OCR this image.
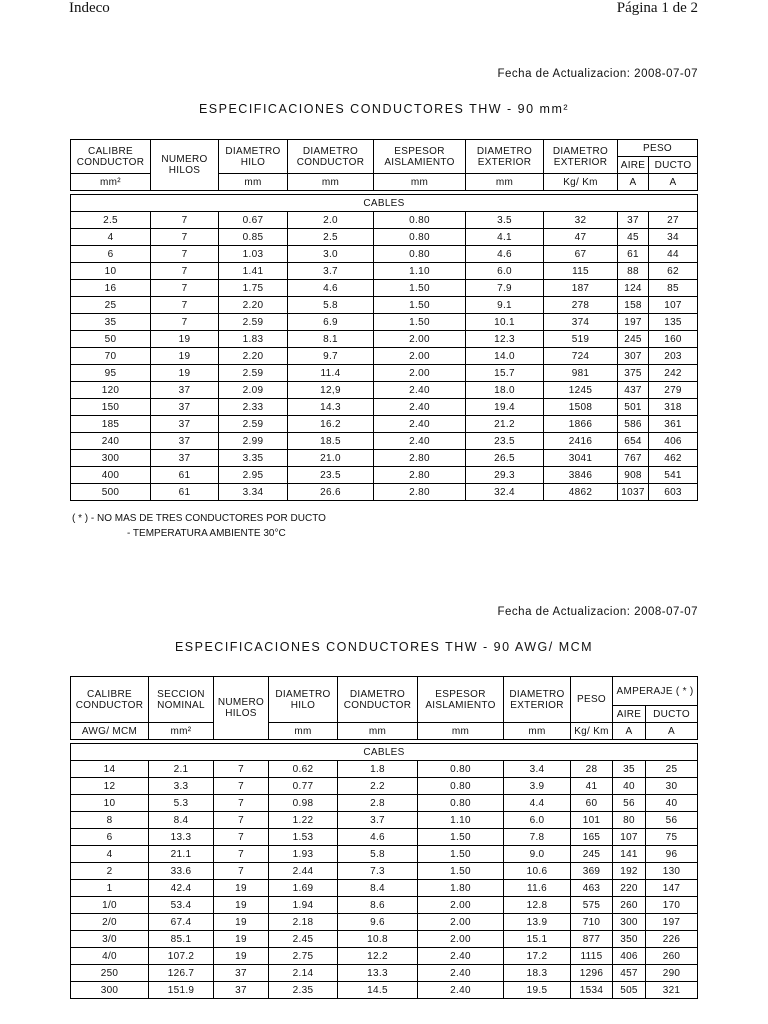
Indeco	Página 1 de 2
Fecha de Actualizacion: 2008-07-07
ESPECIFICACIONES CONDUCTORES THW - 90 mm²
CALIBRE CONDUCTOR	NUMERO HILOS	DIAMETRO HILO	DIAMETRO CONDUCTOR	ESPESOR AISLAMIENTO	DIAMETRO EXTERIOR	DIAMETRO EXTERIOR	PESO	
							AIRE	DUCTO
mm²		mm	mm	mm	mm	Kg/ Km	A	A

CABLES								
2.5	7	0.67	2.0	0.80	3.5	32	37	27
4	7	0.85	2.5	0.80	4.1	47	45	34
6	7	1.03	3.0	0.80	4.6	67	61	44
10	7	1.41	3.7	1.10	6.0	115	88	62
16	7	1.75	4.6	1.50	7.9	187	124	85
25	7	2.20	5.8	1.50	9.1	278	158	107
35	7	2.59	6.9	1.50	10.1	374	197	135
50	19	1.83	8.1	2.00	12.3	519	245	160
70	19	2.20	9.7	2.00	14.0	724	307	203
95	19	2.59	11.4	2.00	15.7	981	375	242
120	37	2.09	12,9	2.40	18.0	1245	437	279
150	37	2.33	14.3	2.40	19.4	1508	501	318
185	37	2.59	16.2	2.40	21.2	1866	586	361
240	37	2.99	18.5	2.40	23.5	2416	654	406
300	37	3.35	21.0	2.80	26.5	3041	767	462
400	61	2.95	23.5	2.80	29.3	3846	908	541
500	61	3.34	26.6	2.80	32.4	4862	1037	603
( * ) - NO MAS DE TRES CONDUCTORES POR DUCTO
- TEMPERATURA AMBIENTE 30°C
Fecha de Actualizacion: 2008-07-07
ESPECIFICACIONES CONDUCTORES THW - 90 AWG/ MCM
CALIBRE CONDUCTOR	SECCION NOMINAL	NUMERO HILOS	DIAMETRO HILO	DIAMETRO CONDUCTOR	ESPESOR AISLAMIENTO	DIAMETRO EXTERIOR	PESO	AMPERAJE ( * )	
								AIRE	DUCTO
AWG/ MCM	mm²		mm	mm	mm	mm	Kg/ Km	A	A

CABLES									
14	2.1	7	0.62	1.8	0.80	3.4	28	35	25
12	3.3	7	0.77	2.2	0.80	3.9	41	40	30
10	5.3	7	0.98	2.8	0.80	4.4	60	56	40
8	8.4	7	1.22	3.7	1.10	6.0	101	80	56
6	13.3	7	1.53	4.6	1.50	7.8	165	107	75
4	21.1	7	1.93	5.8	1.50	9.0	245	141	96
2	33.6	7	2.44	7.3	1.50	10.6	369	192	130
1	42.4	19	1.69	8.4	1.80	11.6	463	220	147
1/0	53.4	19	1.94	8.6	2.00	12.8	575	260	170
2/0	67.4	19	2.18	9.6	2.00	13.9	710	300	197
3/0	85.1	19	2.45	10.8	2.00	15.1	877	350	226
4/0	107.2	19	2.75	12.2	2.40	17.2	1115	406	260
250	126.7	37	2.14	13.3	2.40	18.3	1296	457	290
300	151.9	37	2.35	14.5	2.40	19.5	1534	505	321
